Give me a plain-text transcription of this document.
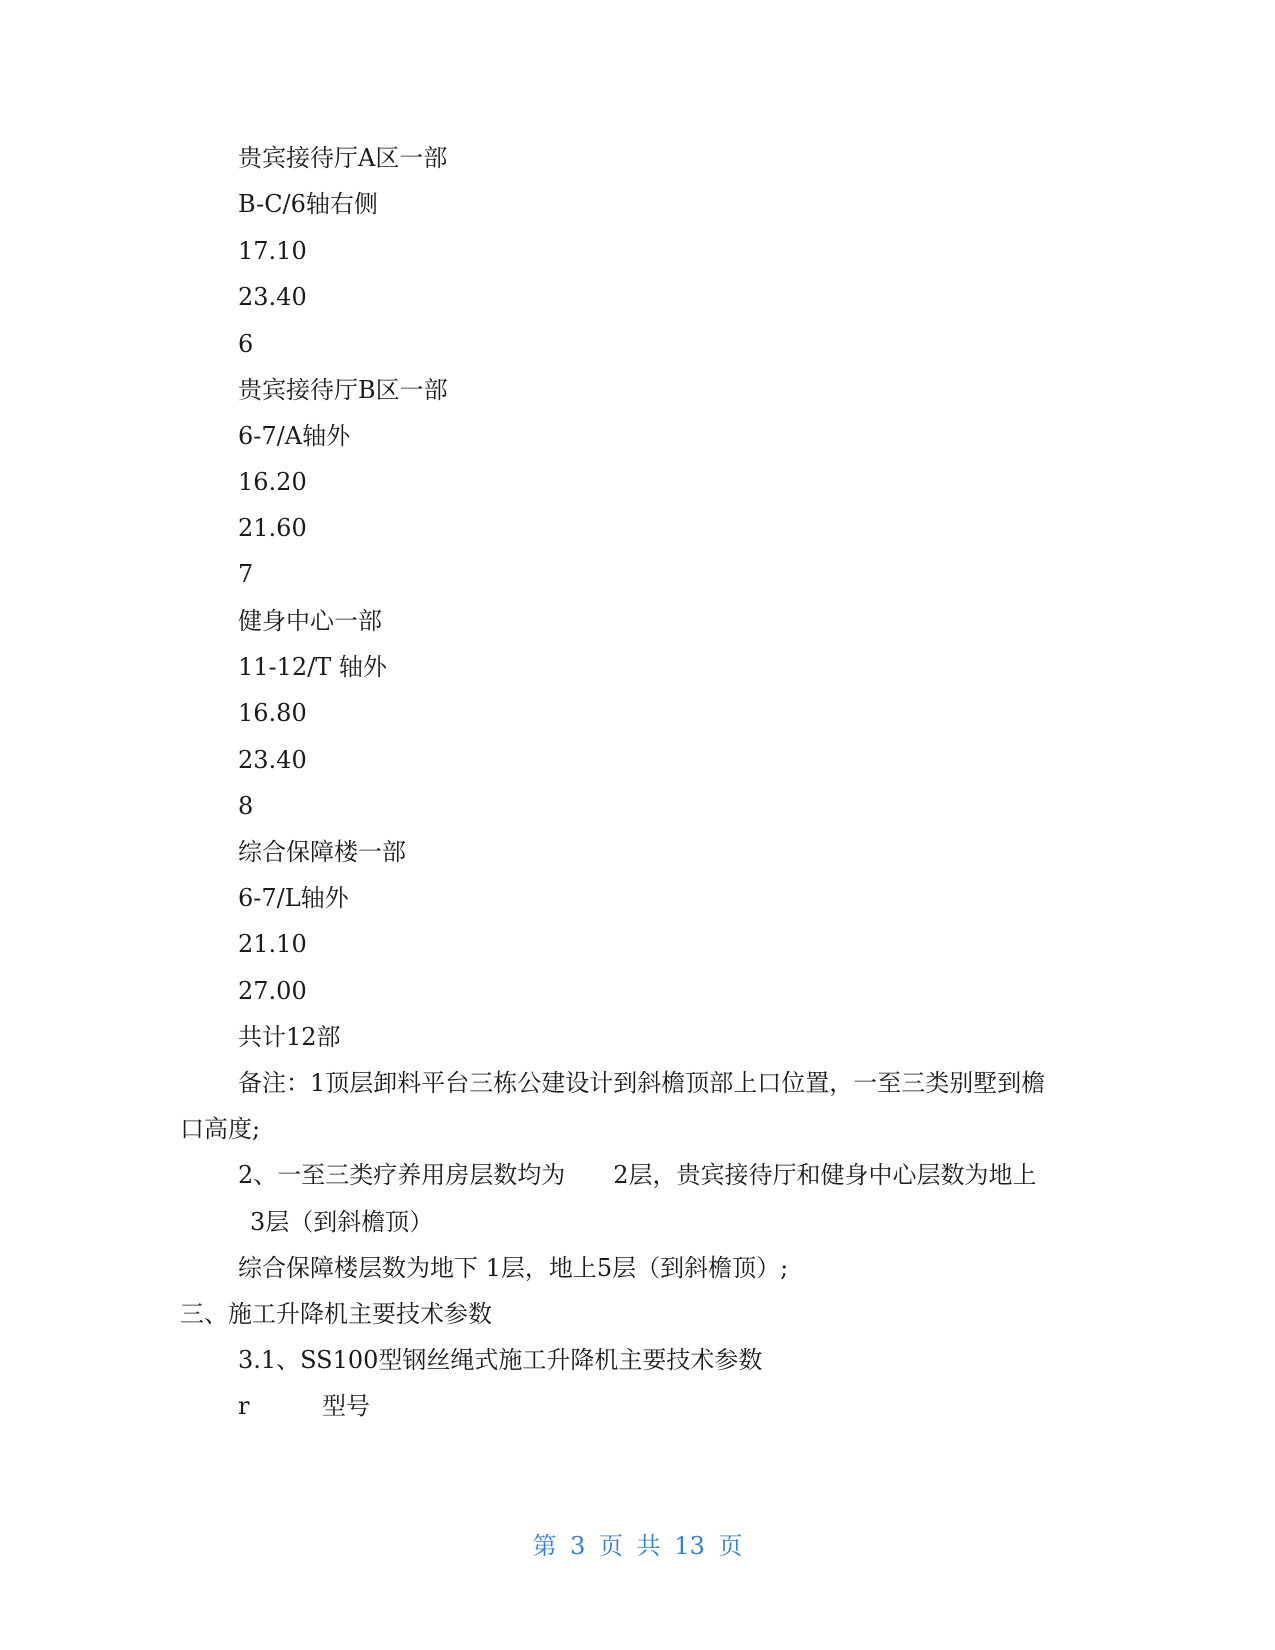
贵宾接待厅A区一部

B-C/6轴右侧

17.10

23.40

6

贵宾接待厅B区一部

6-7/A轴外

16.20

21.60

7

健身中心一部

11-12/T 轴外

16.80

23.40

8

综合保障楼一部

6-7/L轴外

21.10

27.00

共计12部

备注：1顶层卸料平台三栋公建设计到斜檐顶部上口位置，一至三类别墅到檐

口高度;

2、一至三类疗养用房层数均为　　2层，贵宾接待厅和健身中心层数为地上

3层（到斜檐顶）

综合保障楼层数为地下 1层，地上5层（到斜檐顶）;

三、施工升降机主要技术参数

3.1、SS100型钢丝绳式施工升降机主要技术参数

r	型号

第 3 页 共 13 页
